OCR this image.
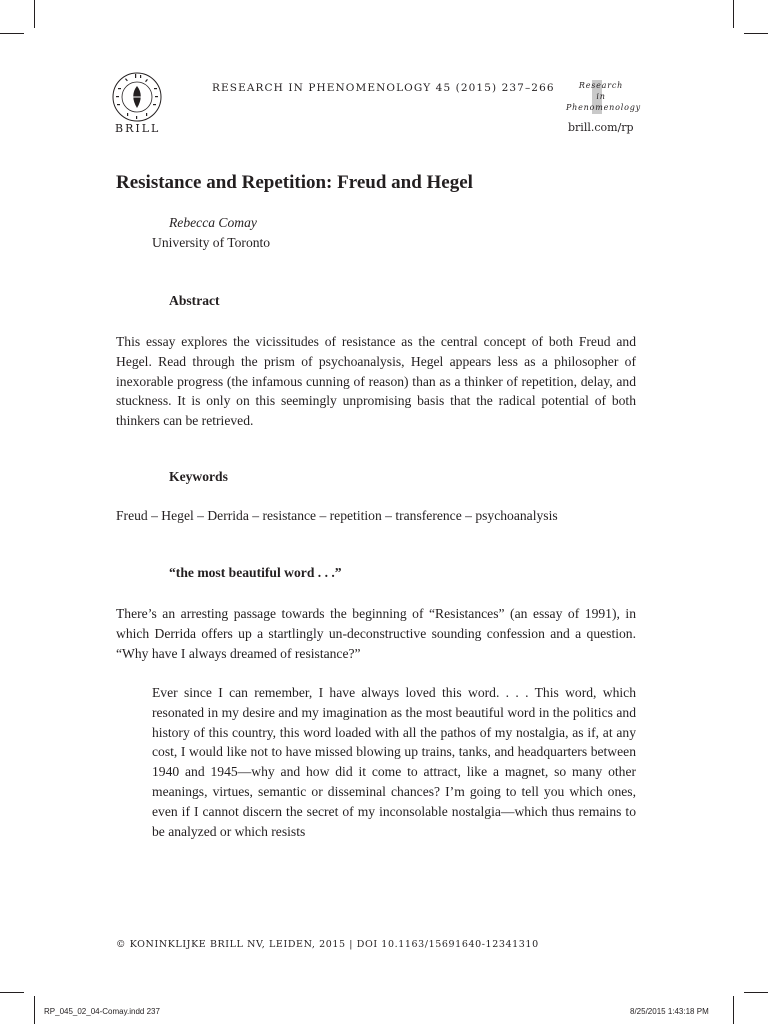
BRILL
RESEARCH IN PHENOMENOLOGY 45 (2015) 237–266	Research
in
Phenomenology
brill.com/rp
Resistance and Repetition: Freud and Hegel
Rebecca Comay
University of Toronto
Abstract

This essay explores the vicissitudes of resistance as the central concept of both Freud and Hegel. Read through the prism of psychoanalysis, Hegel appears less as a philosopher of inexorable progress (the infamous cunning of reason) than as a thinker of repetition, delay, and stuckness. It is only on this seemingly unpromising basis that the radical potential of both thinkers can be retrieved.

Keywords
Freud – Hegel – Derrida – resistance – repetition – transference – psychoanalysis
“the most beautiful word . . .”

There’s an arresting passage towards the beginning of “Resistances” (an essay of 1991), in which Derrida offers up a startlingly un-deconstructive sounding confession and a question. “Why have I always dreamed of resistance?”

Ever since I can remember, I have always loved this word. . . . This word, which resonated in my desire and my imagination as the most beautiful word in the politics and history of this country, this word loaded with all the pathos of my nostalgia, as if, at any cost, I would like not to have missed blowing up trains, tanks, and headquarters between 1940 and 1945—why and how did it come to attract, like a magnet, so many other meanings, virtues, semantic or disseminal chances? I’m going to tell you which ones, even if I cannot discern the secret of my inconsolable nostalgia—which thus remains to be analyzed or which resists

© KONINKLIJKE BRILL NV, LEIDEN, 2015 | DOI 10.1163/15691640-12341310
RP_045_02_04-Comay.indd 237	8/25/2015 1:43:18 PM
